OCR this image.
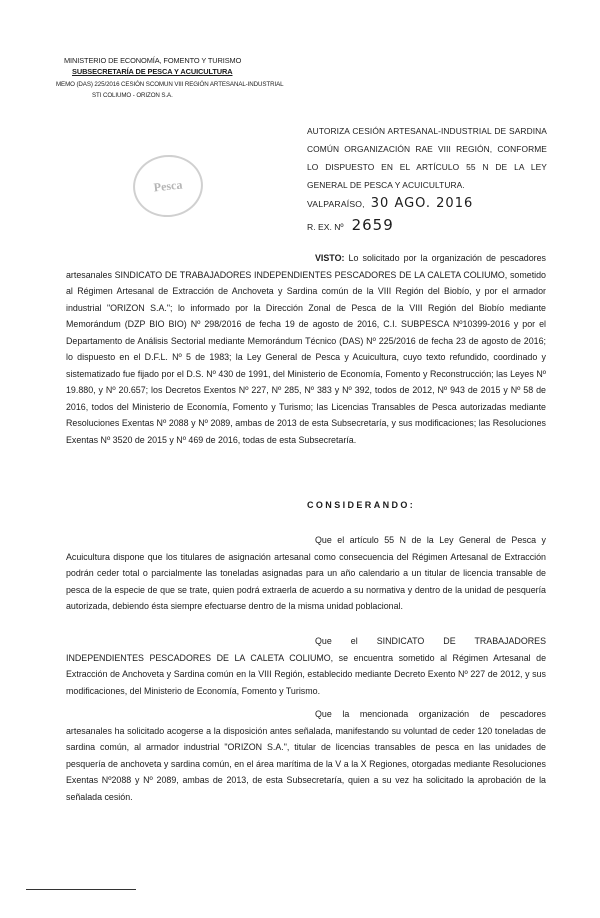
MINISTERIO DE ECONOMÍA, FOMENTO Y TURISMO
SUBSECRETARÍA DE PESCA Y ACUICULTURA
MEMO (DAS) 225/2016 CESIÓN SCOMUN VIII REGIÓN ARTESANAL-INDUSTRIAL
STI COLIUMO - ORIZON S.A.
Pesca
AUTORIZA CESIÓN ARTESANAL-INDUSTRIAL DE SARDINA COMÚN ORGANIZACIÓN RAE VIII REGIÓN, CONFORME LO DISPUESTO EN EL ARTÍCULO 55 N DE LA LEY GENERAL DE PESCA Y ACUICULTURA.
VALPARAÍSO, 30 AGO. 2016
R. EX. Nº 2659
VISTO: Lo solicitado por la organización de pescadores artesanales SINDICATO DE TRABAJADORES INDEPENDIENTES PESCADORES DE LA CALETA COLIUMO, sometido al Régimen Artesanal de Extracción de Anchoveta y Sardina común de la VIII Región del Biobío, y por el armador industrial "ORIZON S.A."; lo informado por la Dirección Zonal de Pesca de la VIII Región del Biobío mediante Memorándum (DZP BIO BIO) Nº 298/2016 de fecha 19 de agosto de 2016, C.I. SUBPESCA Nº10399-2016 y por el Departamento de Análisis Sectorial mediante Memorándum Técnico (DAS) Nº 225/2016 de fecha 23 de agosto de 2016; lo dispuesto en el D.F.L. Nº 5 de 1983; la Ley General de Pesca y Acuicultura, cuyo texto refundido, coordinado y sistematizado fue fijado por el D.S. Nº 430 de 1991, del Ministerio de Economía, Fomento y Reconstrucción; las Leyes Nº 19.880, y Nº 20.657; los Decretos Exentos Nº 227, Nº 285, Nº 383 y Nº 392, todos de 2012, Nº 943 de 2015 y Nº 58 de 2016, todos del Ministerio de Economía, Fomento y Turismo; las Licencias Transables de Pesca autorizadas mediante Resoluciones Exentas Nº 2088 y Nº 2089, ambas de 2013 de esta Subsecretaría, y sus modificaciones; las Resoluciones Exentas Nº 3520 de 2015 y Nº 469 de 2016, todas de esta Subsecretaría.
CONSIDERANDO:
Que el artículo 55 N de la Ley General de Pesca y Acuicultura dispone que los titulares de asignación artesanal como consecuencia del Régimen Artesanal de Extracción podrán ceder total o parcialmente las toneladas asignadas para un año calendario a un titular de licencia transable de pesca de la especie de que se trate, quien podrá extraerla de acuerdo a su normativa y dentro de la unidad de pesquería autorizada, debiendo ésta siempre efectuarse dentro de la misma unidad poblacional.
Que el SINDICATO DE TRABAJADORES INDEPENDIENTES PESCADORES DE LA CALETA COLIUMO, se encuentra sometido al Régimen Artesanal de Extracción de Anchoveta y Sardina común en la VIII Región, establecido mediante Decreto Exento Nº 227 de 2012, y sus modificaciones, del Ministerio de Economía, Fomento y Turismo.
Que la mencionada organización de pescadores artesanales ha solicitado acogerse a la disposición antes señalada, manifestando su voluntad de ceder 120 toneladas de sardina común, al armador industrial "ORIZON S.A.", titular de licencias transables de pesca en las unidades de pesquería de anchoveta y sardina común, en el área marítima de la V a la X Regiones, otorgadas mediante Resoluciones Exentas Nº2088 y Nº 2089, ambas de 2013, de esta Subsecretaría, quien a su vez ha solicitado la aprobación de la señalada cesión.
